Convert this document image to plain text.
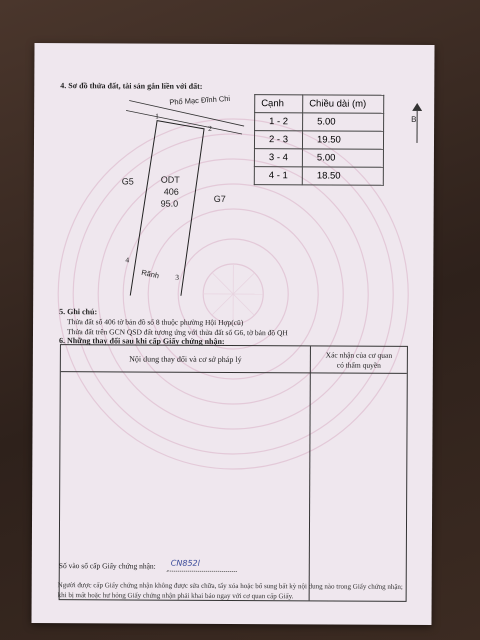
4. Sơ đồ thửa đất, tài sản gắn liền với đất:
Phố Mạc Đĩnh Chi
1
2
3
4
G5
G7
ODT
406
95.0
Rãnh
Cạnh	Chiều dài (m)
1 - 2	5.00
2 - 3	19.50
3 - 4	5.00
4 - 1	18.50
B
5. Ghi chú:
Thửa đất số 406 tờ bản đồ số 8 thuộc phường Hội Hợp(cũ)
Thửa đất trên GCN QSD đất tương ứng với thửa đất số G6, tờ bản đồ QH
6. Những thay đổi sau khi cấp Giấy chứng nhận:
Nội dung thay đổi và cơ sở pháp lý	Xác nhận của cơ quan
có thẩm quyền
Số vào sổ cấp Giấy chứng nhận: CN852l
Người được cấp Giấy chứng nhận không được sửa chữa, tẩy xóa hoặc bổ sung bất kỳ nội dung nào trong Giấy chứng nhận; khi bị mất hoặc hư hỏng Giấy chứng nhận phải khai báo ngay với cơ quan cấp Giấy.
